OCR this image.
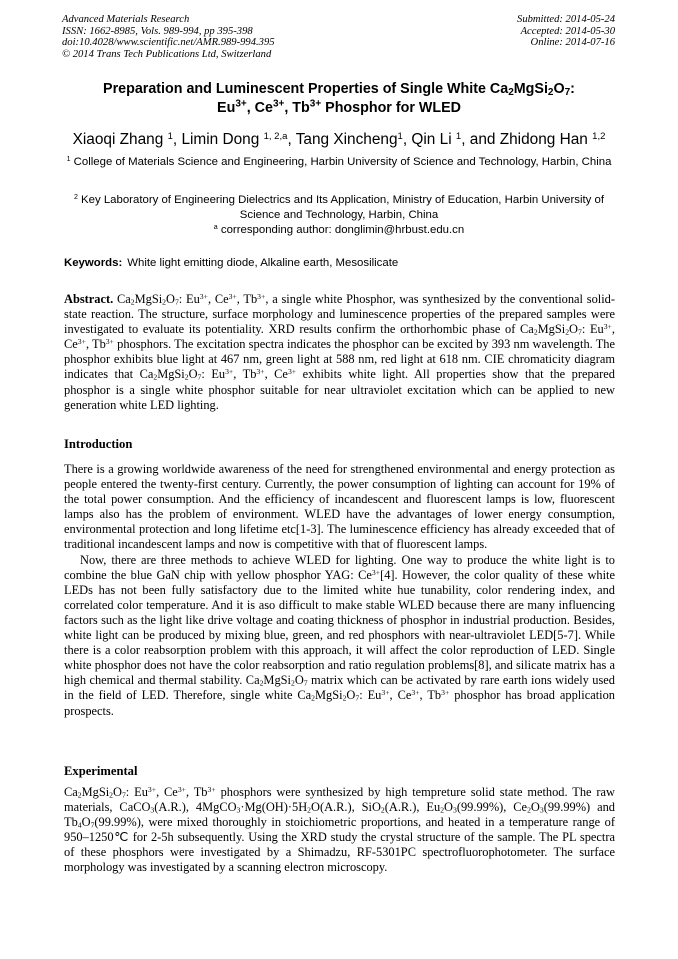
Advanced Materials Research
ISSN: 1662-8985, Vols. 989-994, pp 395-398
doi:10.4028/www.scientific.net/AMR.989-994.395
© 2014 Trans Tech Publications Ltd, Switzerland
Submitted: 2014-05-24
Accepted: 2014-05-30
Online: 2014-07-16
Preparation and Luminescent Properties of Single White $Ca_2MgSi_2O_7$:
$Eu^{3+}$, $Ce^{3+}$, $Tb^{3+}$ Phosphor for WLED
Xiaoqi Zhang $^1$, Limin Dong $^{1, 2,a}$, Tang Xincheng$^1$, Qin Li $^1$, and Zhidong Han $^{1,2}$
$^1$ College of Materials Science and Engineering, Harbin University of Science and Technology, Harbin, China
$^2$ Key Laboratory of Engineering Dielectrics and Its Application, Ministry of Education, Harbin University of Science and Technology, Harbin, China
$^a$ corresponding author: donglimin@hrbust.edu.cn
Keywords: White light emitting diode, Alkaline earth, Mesosilicate

Abstract. $Ca_2MgSi_2O_7$: $Eu^{3+}$, $Ce^{3+}$, $Tb^{3+}$, a single white Phosphor, was synthesized by the conventional solid-state reaction. The structure, surface morphology and luminescence properties of the prepared samples were investigated to evaluate its potentiality. XRD results confirm the orthorhombic phase of $Ca_2MgSi_2O_7$: $Eu^{3+}$, $Ce^{3+}$, $Tb^{3+}$ phosphors. The excitation spectra indicates the phosphor can be excited by 393 nm wavelength. The phosphor exhibits blue light at 467 nm, green light at 588 nm, red light at 618 nm. CIE chromaticity diagram indicates that $Ca_2MgSi_2O_7$: $Eu^{3+}$, $Tb^{3+}$, $Ce^{3+}$ exhibits white light. All properties show that the prepared phosphor is a single white phosphor suitable for near ultraviolet excitation which can be applied to new generation white LED lighting.

Introduction

There is a growing worldwide awareness of the need for strengthened environmental and energy protection as people entered the twenty-first century. Currently, the power consumption of lighting can account for 19% of the total power consumption. And the efficiency of incandescent and fluorescent lamps is low, fluorescent lamps also has the problem of environment. WLED have the advantages of lower energy consumption, environmental protection and long lifetime etc[1-3]. The luminescence efficiency has already exceeded that of traditional incandescent lamps and now is competitive with that of fluorescent lamps.

Now, there are three methods to achieve WLED for lighting. One way to produce the white light is to combine the blue GaN chip with yellow phosphor YAG: $Ce^{3+}[4]$. However, the color quality of these white LEDs has not been fully satisfactory due to the limited white hue tunability, color rendering index, and correlated color temperature. And it is aso difficult to make stable WLED because there are many influencing factors such as the light like drive voltage and coating thickness of phosphor in industrial production. Besides, white light can be produced by mixing blue, green, and red phosphors with near-ultraviolet LED[5-7]. While there is a color reabsorption problem with this approach, it will affect the color reproduction of LED. Single white phosphor does not have the color reabsorption and ratio regulation problems[8], and silicate matrix has a high chemical and thermal stability. $Ca_2MgSi_2O_7$ matrix which can be activated by rare earth ions widely used in the field of LED. Therefore, single white $Ca_2MgSi_2O_7$: $Eu^{3+}$, $Ce^{3+}$, $Tb^{3+}$ phosphor has broad application prospects.

Experimental

$Ca_2MgSi_2O_7$: $Eu^{3+}$, $Ce^{3+}$, $Tb^{3+}$ phosphors were synthesized by high tempreture solid state method. The raw materials, CaCO$_3$(A.R.), $4MgCO_3\cdot Mg(OH)\cdot 5H_2O(A.R.)$, SiO$_2$(A.R.), $Eu_2O_3(99.99\%)$, $Ce_2O_3(99.99\%)$ and $Tb_4O_7(99.99\%)$, were mixed thoroughly in stoichiometric proportions, and heated in a temperature range of 950–1250℃ for 2-5h subsequently. Using the XRD study the crystal structure of the sample. The PL spectra of these phosphors were investigated by a Shimadzu, RF-5301PC spectrofluorophotometer. The surface morphology was investigated by a scanning electron microscopy.
